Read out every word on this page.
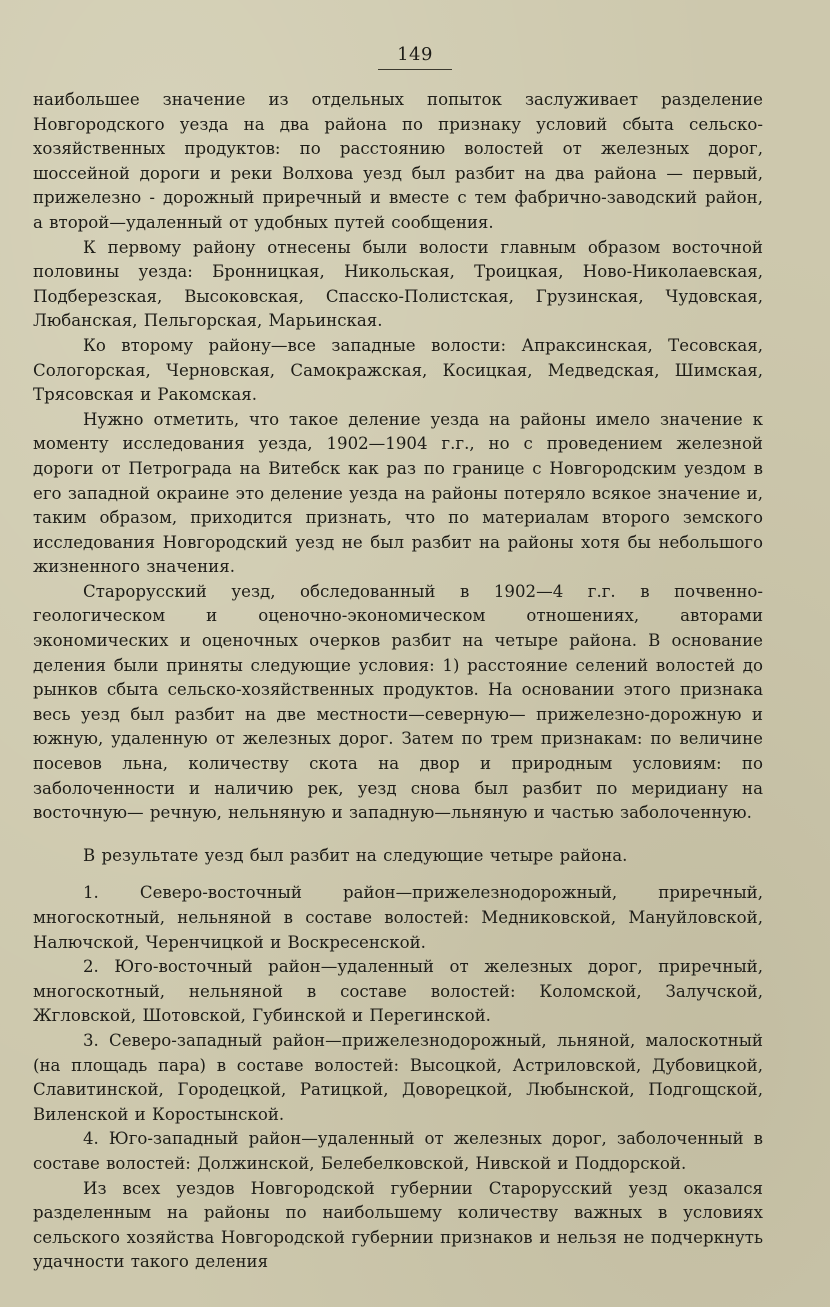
149

наибольшее значение из отдельных попыток заслуживает разделение Новгородского уезда на два района по признаку условий сбыта сельско-хозяйственных продуктов: по расстоянию волостей от железных дорог, шоссейной дороги и реки Волхова уезд был разбит на два района — первый, прижелезно - дорожный приречный и вместе с тем фабрично-заводский район, а второй—удаленный от удобных путей сообщения.

К первому району отнесены были волости главным образом восточной половины уезда: Бронницкая, Никольская, Троицкая, Ново-Николаевская, Подберезская, Высоковская, Спасско-Полистская, Грузинская, Чудовская, Любанская, Пельгорская, Марьинская.

Ко второму району—все западные волости: Апраксинская, Тесовская, Сологорская, Черновская, Самокражская, Косицкая, Медведская, Шимская, Трясовская и Ракомская.

Нужно отметить, что такое деление уезда на районы имело значение к моменту исследования уезда, 1902—1904 г.г., но с проведением железной дороги от Петрограда на Витебск как раз по границе с Новгородским уездом в его западной окраине это деление уезда на районы потеряло всякое значение и, таким образом, приходится признать, что по материалам второго земского исследования Новгородский уезд не был разбит на районы хотя бы небольшого жизненного значения.

Старорусский уезд, обследованный в 1902—4 г.г. в почвенно-геологическом и оценочно-экономическом отношениях, авторами экономических и оценочных очерков разбит на четыре района. В основание деления были приняты следующие условия: 1) расстояние селений волостей до рынков сбыта сельско-хозяйственных продуктов. На основании этого признака весь уезд был разбит на две местности—северную— прижелезно-дорожную и южную, удаленную от железных дорог. Затем по трем признакам: по величине посевов льна, количеству скота на двор и природным условиям: по заболоченности и наличию рек, уезд снова был разбит по меридиану на восточную— речную, нельняную и западную—льняную и частью заболоченную.

В результате уезд был разбит на следующие четыре района.

1. Северо-восточный район—прижелезнодорожный, приречный, многоскотный, нельняной в составе волостей: Медниковской, Мануйловской, Налючской, Черенчицкой и Воскресенской.

2. Юго-восточный район—удаленный от железных дорог, приречный, многоскотный, нельняной в составе волостей: Коломской, Залучской, Жгловской, Шотовской, Губинской и Перегинской.

3. Северо-западный район—прижелезнодорожный, льняной, малоскотный (на площадь пара) в составе волостей: Высоцкой, Астриловской, Дубовицкой, Славитинской, Городецкой, Ратицкой, Доворецкой, Любынской, Подгощской, Виленской и Коростынской.

4. Юго-западный район—удаленный от железных дорог, заболоченный в составе волостей: Должинской, Белебелковской, Нивской и Поддорской.

Из всех уездов Новгородской губернии Старорусский уезд оказался разделенным на районы по наибольшему количеству важных в условиях сельского хозяйства Новгородской губернии признаков и нельзя не подчеркнуть удачности такого деления
